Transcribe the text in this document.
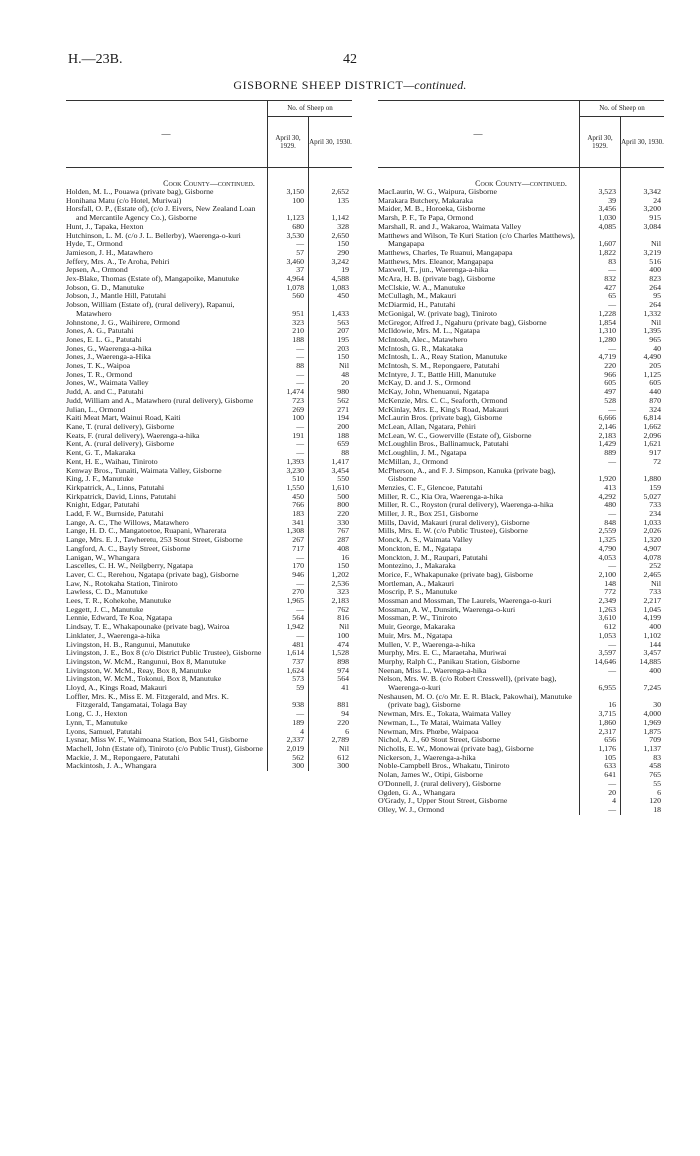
H.—23B.	42
GISBORNE SHEEP DISTRICT—continued.
—
No. of Sheep on
April 30, 1929.	April 30, 1930.
Cook County—continued.
Holden, M. L., Pouawa (private bag), Gisborne	3,150	2,652
Honihana Matu (c/o Hotel, Muriwai)	100	135
Horsfall, O. P., (Estate of), (c/o J. Eivers, New Zealand Loan and Mercantile Agency Co.), Gisborne	1,123	1,142
Hunt, J., Tapaka, Hexton	680	328
Hutchinson, L. M. (c/o J. L. Bellerby), Waerenga-o-kuri	3,530	2,650
Hyde, T., Ormond	—	150
Jamieson, J. H., Matawhero	57	290
Jeffery, Mrs. A., Te Aroha, Pehiri	3,460	3,242
Jepsen, A., Ormond	37	19
Jex-Blake, Thomas (Estate of), Mangapoike, Manutuke	4,964	4,588
Jobson, G. D., Manutuke	1,078	1,083
Jobson, J., Mantle Hill, Patutahi	560	450
Jobson, William (Estate of), (rural delivery), Rapanui, Matawhero	951	1,433
Johnstone, J. G., Waihirere, Ormond	323	563
Jones, A. G., Patutahi	210	207
Jones, E. L. G., Patutahi	188	195
Jones, G., Waerenga-a-hika	—	203
Jones, J., Waerenga-a-Hika	—	150
Jones, T. K., Waipoa	88	Nil
Jones, T. R., Ormond	—	48
Jones, W., Waimata Valley	—	20
Judd, A. and C., Patutahi	1,474	980
Judd, William and A., Matawhero (rural delivery), Gisborne	723	562
Julian, L., Ormond	269	271
Kaiti Meat Mart, Wainui Road, Kaiti	100	194
Kane, T. (rural delivery), Gisborne	—	200
Keats, F. (rural delivery), Waerenga-a-hika	191	188
Kent, A. (rural delivery), Gisborne	—	659
Kent, G. T., Makaraka	—	88
Kent, H. E., Waihau, Tiniroto	1,393	1,417
Kenway Bros., Tunaiti, Waimata Valley, Gisborne	3,230	3,454
King, J. F., Manutuke	510	550
Kirkpatrick, A., Linns, Patutahi	1,550	1,610
Kirkpatrick, David, Linns, Patutahi	450	500
Knight, Edgar, Patutahi	766	800
Ladd, F. W., Burnside, Patutahi	183	220
Lange, A. C., The Willows, Matawhero	341	330
Lange, H. D. C., Mangatoetoe, Ruapani, Wharerata	1,308	767
Lange, Mrs. E. J., Tawheretu, 253 Stout Street, Gisborne	267	287
Langford, A. C., Bayly Street, Gisborne	717	408
Lanigan, W., Whangara	—	16
Lascelles, C. H. W., Neilgberry, Ngatapa	170	150
Laver, C. C., Rerehou, Ngatapa (private bag), Gisborne	946	1,202
Law, N., Rotokaha Station, Tiniroto	—	2,536
Lawless, C. D., Manutuke	270	323
Lees, T. R., Kohekohe, Manutuke	1,965	2,183
Leggett, J. C., Manutuke	—	762
Lennie, Edward, Te Koa, Ngatapa	564	816
Lindsay, T. E., Whakapounake (private bag), Wairoa	1,942	Nil
Linklater, J., Waerenga-a-hika	—	100
Livingston, H. B., Rangunui, Manutuke	481	474
Livingston, J. E., Box 8 (c/o District Public Trustee), Gisborne	1,614	1,528
Livingston, W. McM., Rangunui, Box 8, Manutuke	737	898
Livingston, W. McM., Reay, Box 8, Manutuke	1,624	974
Livingston, W. McM., Tokonui, Box 8, Manutuke	573	564
Lloyd, A., Kings Road, Makauri	59	41
Loffler, Mrs. K., Miss E. M. Fitzgerald, and Mrs. K. Fitzgerald, Tangamatai, Tolaga Bay	938	881
Long, C. J., Hexton	—	94
Lynn, T., Manutuke	189	220
Lyons, Samuel, Patutahi	4	6
Lysnar, Miss W. F., Waimoana Station, Box 541, Gisborne	2,337	2,789
Machell, John (Estate of), Tiniroto (c/o Public Trust), Gisborne	2,019	Nil
Mackie, J. M., Repongaere, Patutahi	562	612
Mackintosh, J. A., Whangara	300	300
—
No. of Sheep on
April 30, 1929.	April 30, 1930.
Cook County—continued.
MacLaurin, W. G., Waipura, Gisborne	3,523	3,342
Marakara Butchery, Makaraka	39	24
Maider, M. B., Horoeka, Gisborne	3,456	3,200
Marsh, P. F., Te Papa, Ormond	1,030	915
Marshall, R. and J., Wakaroa, Waimata Valley	4,085	3,084
Matthews and Wilson, Te Kuri Station (c/o Charles Matthews), Mangapapa	1,607	Nil
Matthews, Charles, Te Ruanui, Mangapapa	1,822	3,219
Matthews, Mrs. Eleanor, Mangapapa	83	516
Maxwell, T., jun., Waerenga-a-hika	—	400
McAra, H. B. (private bag), Gisborne	832	823
McClskie, W. A., Manutuke	427	264
McCullagh, M., Makauri	65	95
McDiarmid, H., Patutahi	—	264
McGonigal, W. (private bag), Tiniroto	1,228	1,332
McGregor, Alfred J., Ngahuru (private bag), Gisborne	1,854	Nil
McIldowie, Mrs. M. L., Ngatapa	1,310	1,395
McIntosh, Alec., Matawhero	1,280	965
McIntosh, G. R., Makataka	—	40
McIntosh, L. A., Reay Station, Manutuke	4,719	4,490
McIntosh, S. M., Repongaere, Patutahi	220	205
McIntyre, J. T., Battle Hill, Manutuke	966	1,125
McKay, D. and J. S., Ormond	605	605
McKay, John, Whenuanui, Ngatapa	497	440
McKenzie, Mrs. C. C., Seaforth, Ormond	528	870
McKinlay, Mrs. E., King's Road, Makauri	—	324
McLaurin Bros. (private bag), Gisborne	6,666	6,814
McLean, Allan, Ngatara, Pehiri	2,146	1,662
McLean, W. C., Gowerville (Estate of), Gisborne	2,183	2,096
McLoughlin Bros., Ballinamuck, Patutahi	1,429	1,621
McLoughlin, J. M., Ngatapa	889	917
McMillan, J., Ormond	—	72
McPherson, A., and F. J. Simpson, Kanuka (private bag), Gisborne	1,920	1,880
Menzies, C. F., Glencoe, Patutahi	413	159
Miller, R. C., Kia Ora, Waerenga-a-hika	4,292	5,027
Miller, R. C., Royston (rural delivery), Waerenga-a-hika	480	733
Miller, J. R., Box 251, Gisborne	—	234
Mills, David, Makauri (rural delivery), Gisborne	848	1,033
Mills, Mrs. E. W. (c/o Public Trustee), Gisborne	2,559	2,026
Monck, A. S., Waimata Valley	1,325	1,320
Monckton, E. M., Ngatapa	4,790	4,907
Monckton, J. M., Raupari, Patutahi	4,053	4,078
Montezino, J., Makaraka	—	252
Morice, F., Whakapunake (private bag), Gisborne	2,100	2,465
Mortleman, A., Makauri	148	Nil
Moscrip, P. S., Manutuke	772	733
Mossman and Mossman, The Laurels, Waerenga-o-kuri	2,349	2,217
Mossman, A. W., Dunsirk, Waerenga-o-kuri	1,263	1,045
Mossman, P. W., Tiniroto	3,610	4,199
Muir, George, Makaraka	612	400
Muir, Mrs. M., Ngatapa	1,053	1,102
Mullen, V. P., Waerenga-a-hika	—	144
Murphy, Mrs. E. C., Maraetaha, Muriwai	3,597	3,457
Murphy, Ralph C., Panikau Station, Gisborne	14,646	14,885
Neenan, Miss L., Waerenga-a-hika	—	400
Nelson, Mrs. W. B. (c/o Robert Cresswell), (private bag), Waerenga-o-kuri	6,955	7,245
Neshausen, M. O. (c/o Mr. E. R. Black, Pakowhai), Manutuke (private bag), Gisborne	16	30
Newman, Mrs. E., Tokata, Waimata Valley	3,715	4,000
Newman, L., Te Matai, Waimata Valley	1,860	1,969
Newman, Mrs. Phœbe, Waipaoa	2,317	1,875
Nichol, A. J., 60 Stout Street, Gisborne	656	709
Nicholls, E. W., Monowai (private bag), Gisborne	1,176	1,137
Nickerson, J., Waerenga-a-hika	105	83
Noble-Campbell Bros., Whakatu, Tiniroto	633	458
Nolan, James W., Otipi, Gisborne	641	765
O'Donnell, J. (rural delivery), Gisborne	—	55
Ogden, G. A., Whangara	20	6
O'Grady, J., Upper Stout Street, Gisborne	4	120
Olley, W. J., Ormond	—	18
